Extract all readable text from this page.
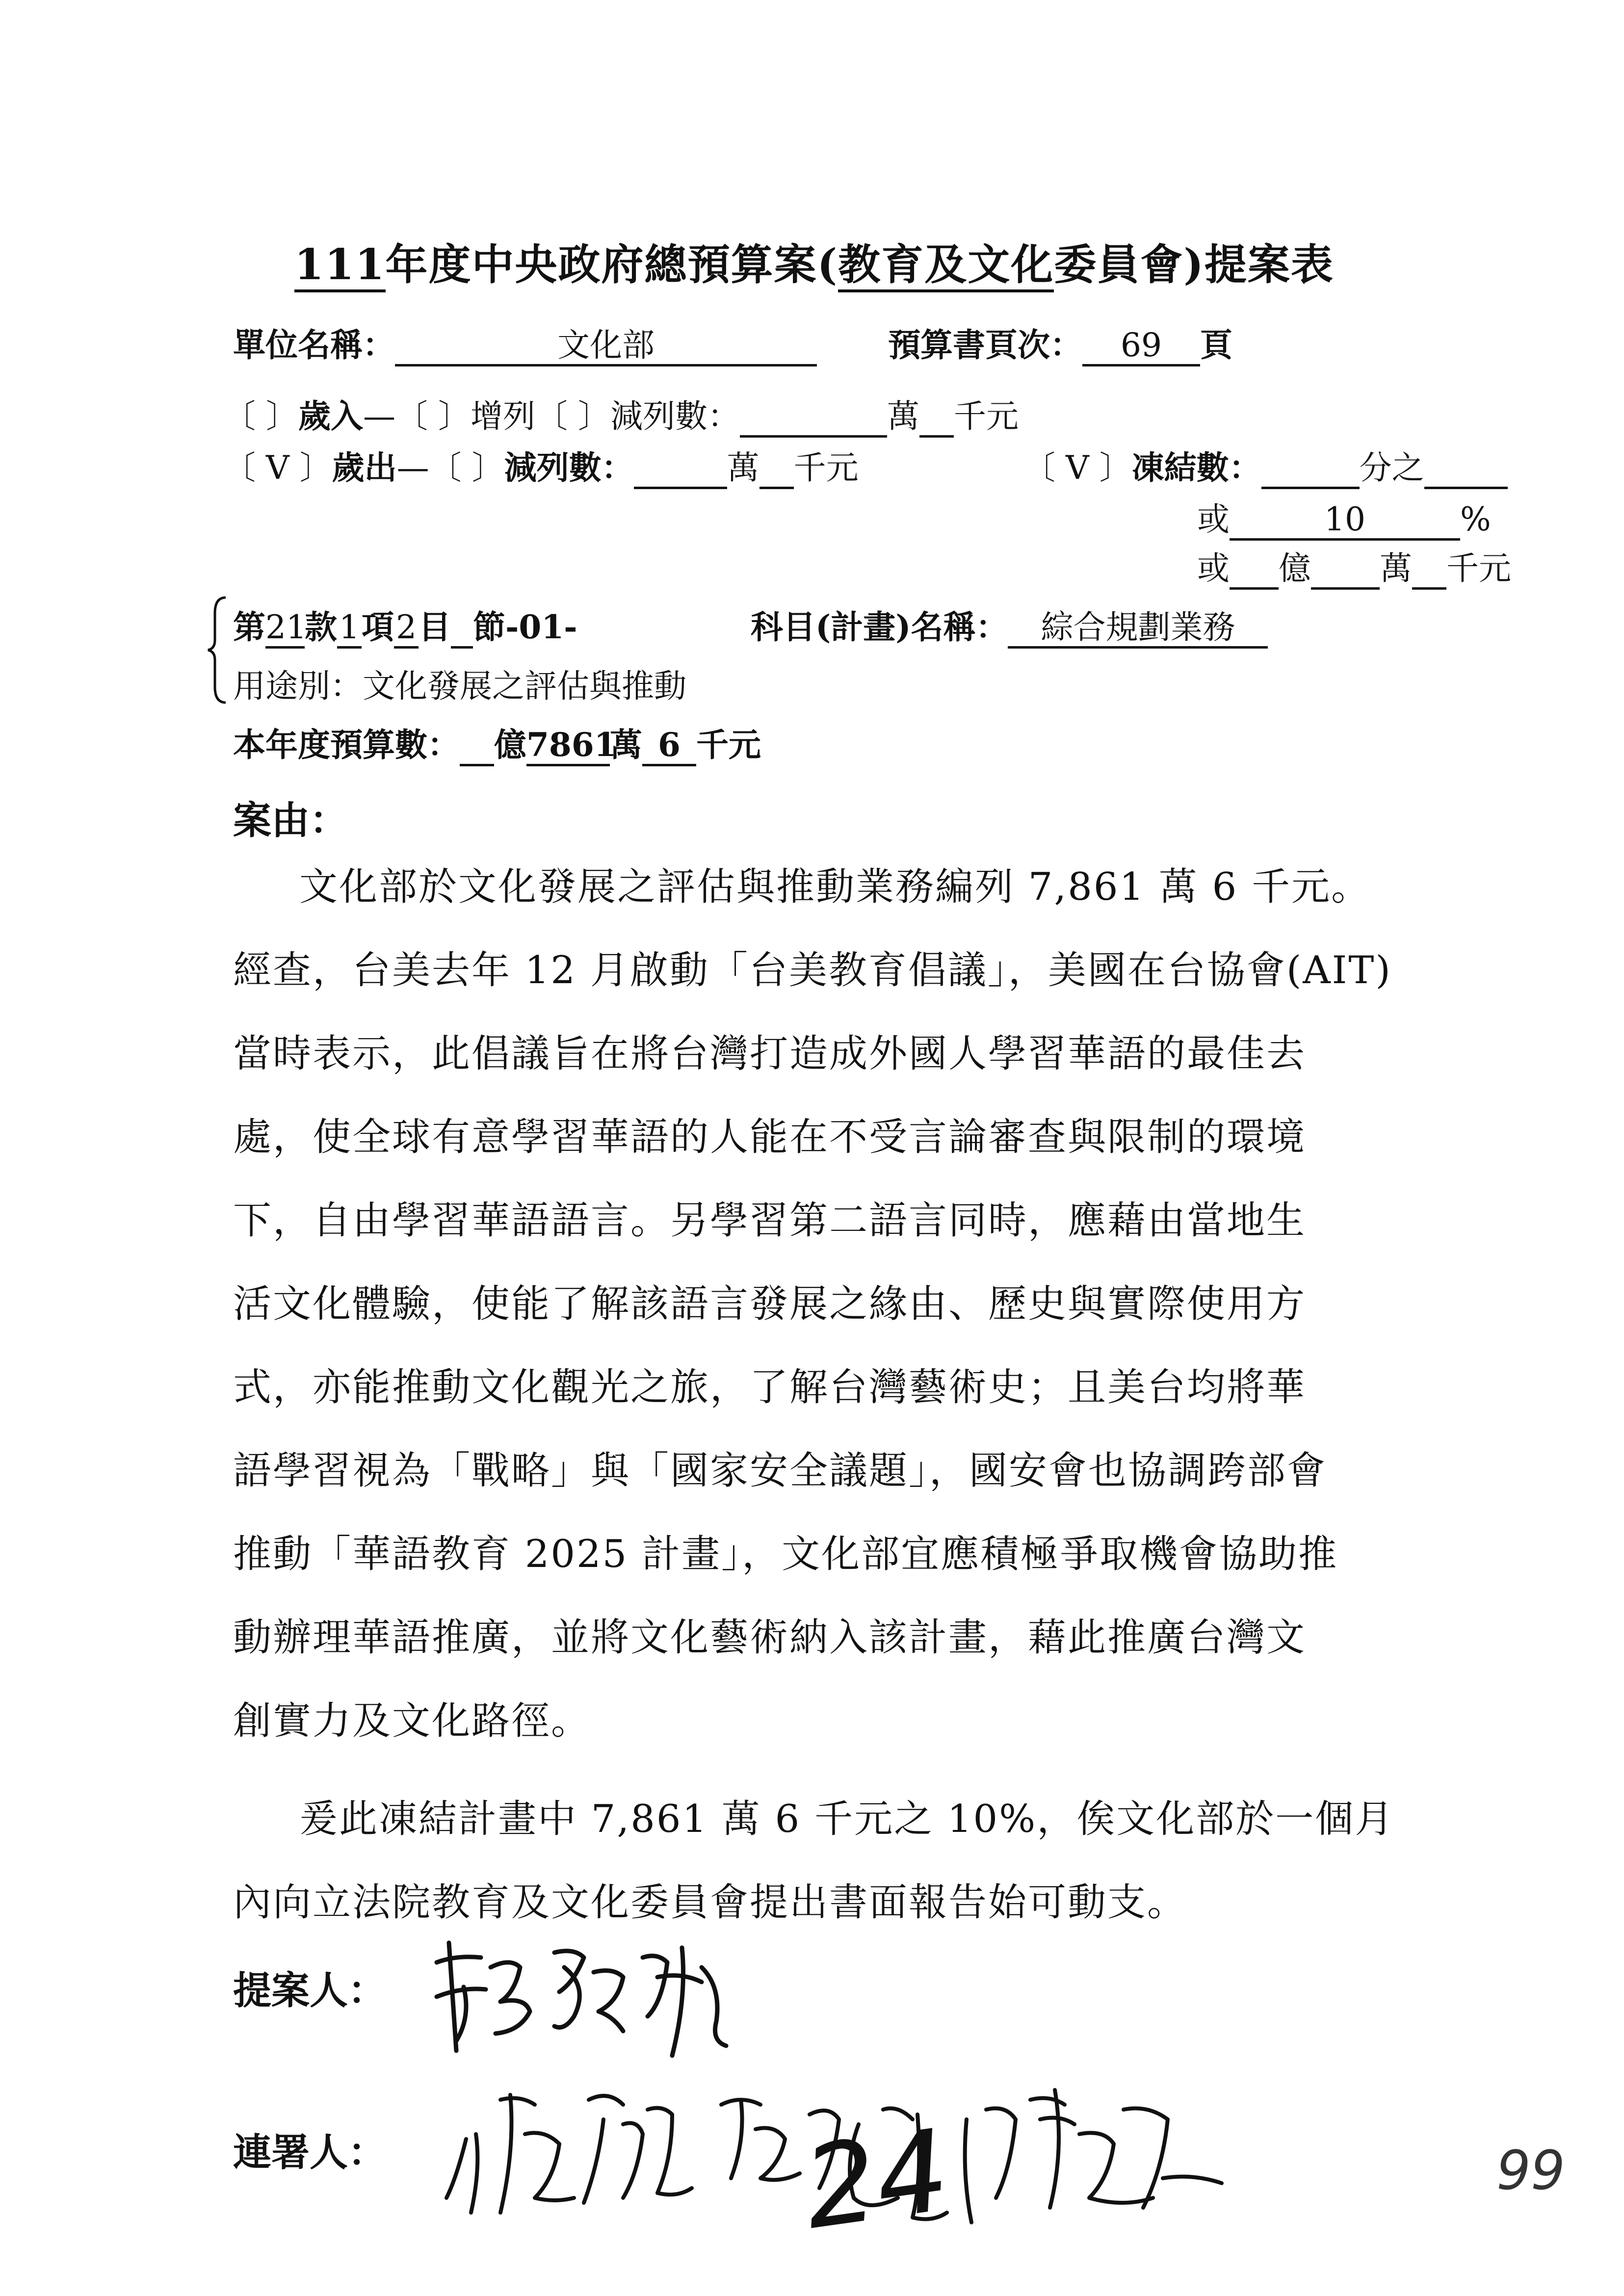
111年度中央政府總預算案(教育及文化委員會)提案表
單位名稱：	文化部	預算書頁次： 69 頁
〔 〕歲入—〔 〕增列〔 〕減列數：	萬 千元
〔 V 〕歲出—〔 〕減列數：	萬 千元	〔 V 〕凍結數：	分之
或	10	%
或 億 萬 千元
第21款1項2目 節-01-	科目(計畫)名稱： 綜合規劃業務
用途別：文化發展之評估與推動
本年度預算數： 億7861萬 6 千元
案由：
文化部於文化發展之評估與推動業務編列 7,861 萬 6 千元。
經查，台美去年 12 月啟動「台美教育倡議」，美國在台協會(AIT)
當時表示，此倡議旨在將台灣打造成外國人學習華語的最佳去
處，使全球有意學習華語的人能在不受言論審查與限制的環境
下，自由學習華語語言。另學習第二語言同時，應藉由當地生
活文化體驗，使能了解該語言發展之緣由、歷史與實際使用方
式，亦能推動文化觀光之旅，了解台灣藝術史；且美台均將華
語學習視為「戰略」與「國家安全議題」，國安會也協調跨部會
推動「華語教育 2025 計畫」，文化部宜應積極爭取機會協助推
動辦理華語推廣，並將文化藝術納入該計畫，藉此推廣台灣文
創實力及文化路徑。
爰此凍結計畫中 7,861 萬 6 千元之 10%，俟文化部於一個月
內向立法院教育及文化委員會提出書面報告始可動支。
提案人：
連署人：	24	99
